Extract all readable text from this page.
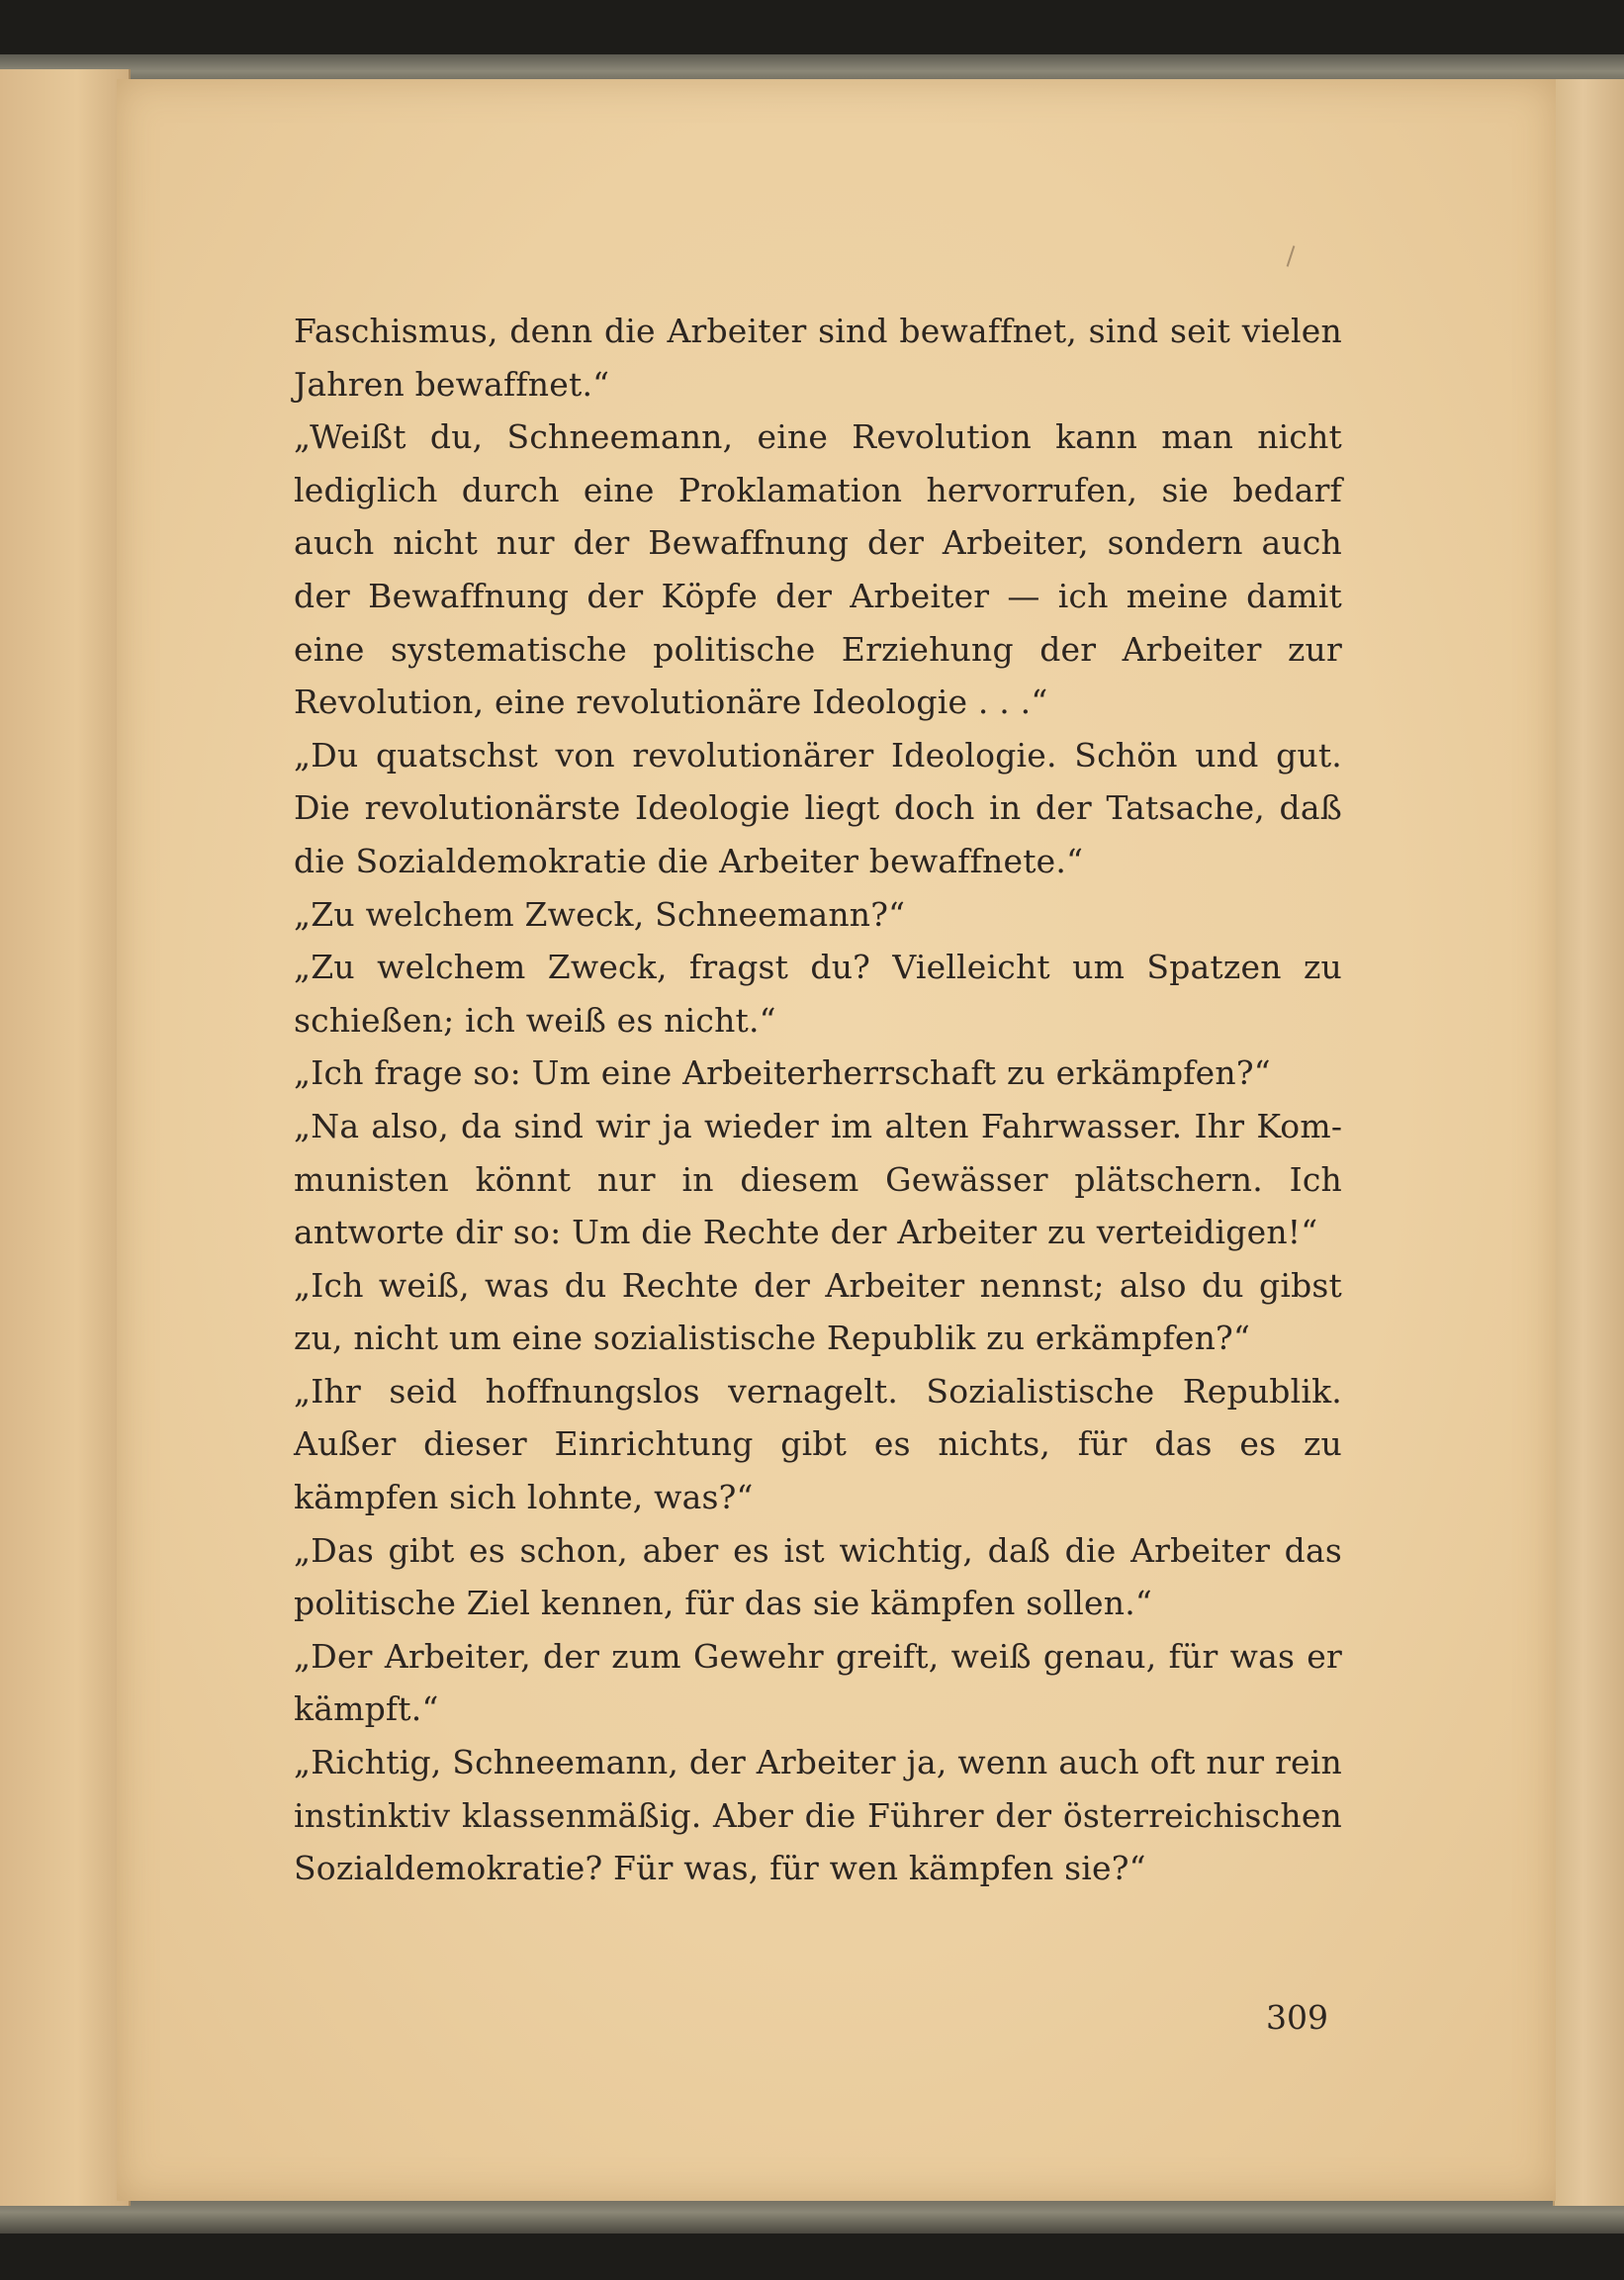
Faschismus, denn die Arbeiter sind bewaffnet, sind seit vielen Jahren bewaffnet.“

„Weißt du, Schneemann, eine Revolution kann man nicht lediglich durch eine Proklamation hervorrufen, sie bedarf auch nicht nur der Bewaffnung der Arbeiter, sondern auch der Bewaffnung der Köpfe der Arbeiter — ich meine damit eine systematische politische Erziehung der Arbeiter zur Revolution, eine revolutionäre Ideologie . . .“

„Du quatschst von revolutionärer Ideologie. Schön und gut. Die revolutionärste Ideologie liegt doch in der Tatsache, daß die Sozialdemokratie die Arbeiter bewaffnete.“

„Zu welchem Zweck, Schneemann?“

„Zu welchem Zweck, fragst du? Vielleicht um Spatzen zu schießen; ich weiß es nicht.“

„Ich frage so: Um eine Arbeiterherrschaft zu erkämpfen?“

„Na also, da sind wir ja wieder im alten Fahrwasser. Ihr Kommunisten könnt nur in diesem Gewässer plätschern. Ich antworte dir so: Um die Rechte der Arbeiter zu verteidigen!“

„Ich weiß, was du Rechte der Arbeiter nennst; also du gibst zu, nicht um eine sozialistische Republik zu erkämpfen?“

„Ihr seid hoffnungslos vernagelt. Sozialistische Republik. Außer dieser Einrichtung gibt es nichts, für das es zu kämpfen sich lohnte, was?“

„Das gibt es schon, aber es ist wichtig, daß die Arbeiter das politische Ziel kennen, für das sie kämpfen sollen.“

„Der Arbeiter, der zum Gewehr greift, weiß genau, für was er kämpft.“

„Richtig, Schneemann, der Arbeiter ja, wenn auch oft nur rein instinktiv klassenmäßig. Aber die Führer der österreichischen Sozialdemokratie? Für was, für wen kämpfen sie?“

309
